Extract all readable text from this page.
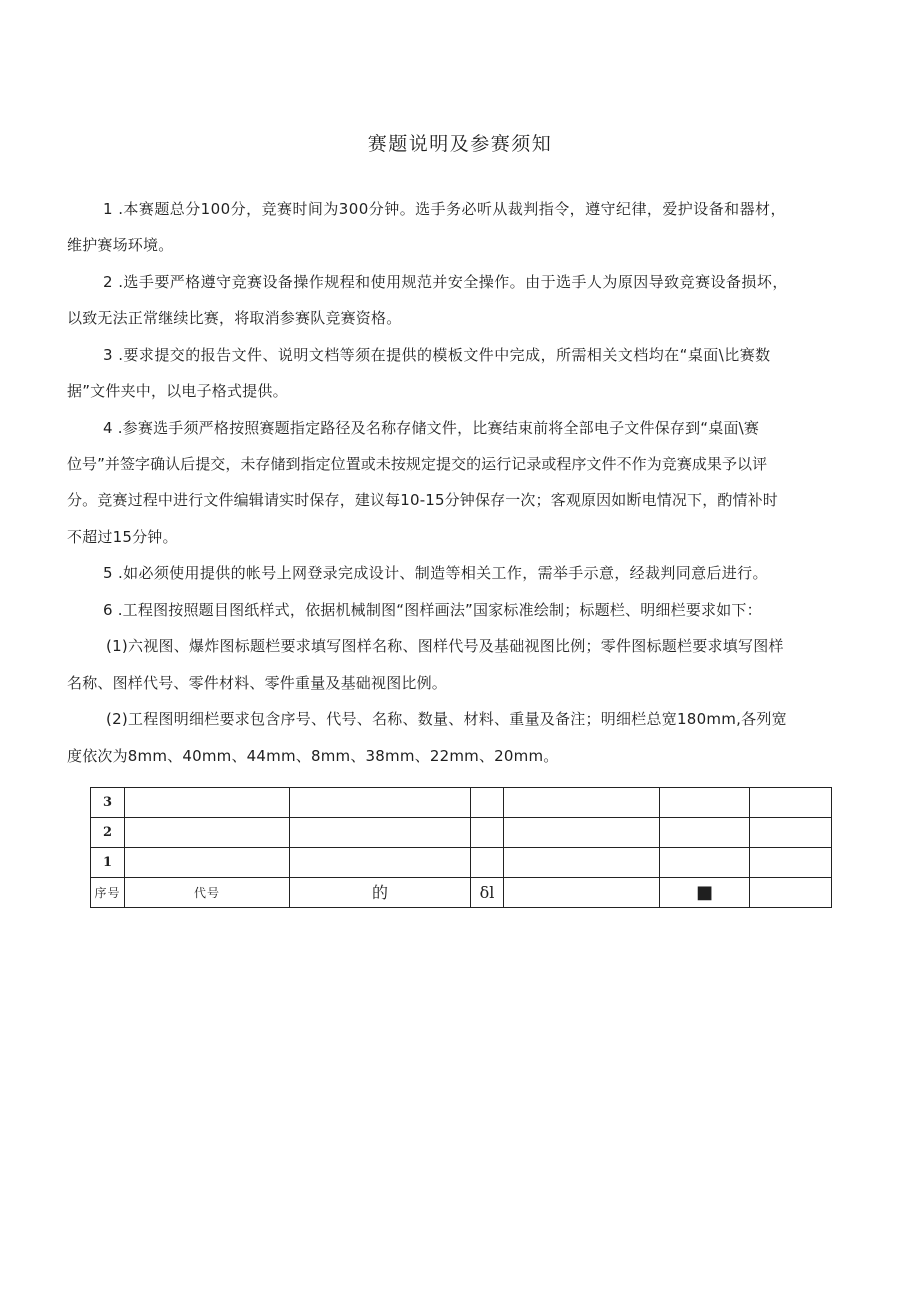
赛题说明及参赛须知
1 .本赛题总分100分，竞赛时间为300分钟。选手务必听从裁判指令，遵守纪律，爱护设备和器材，
维护赛场环境。
2 .选手要严格遵守竞赛设备操作规程和使用规范并安全操作。由于选手人为原因导致竞赛设备损坏，
以致无法正常继续比赛，将取消参赛队竞赛资格。
3 .要求提交的报告文件、说明文档等须在提供的模板文件中完成，所需相关文档均在“桌面\比赛数
据”文件夹中，以电子格式提供。
4 .参赛选手须严格按照赛题指定路径及名称存储文件，比赛结束前将全部电子文件保存到“桌面\赛
位号”并签字确认后提交，未存储到指定位置或未按规定提交的运行记录或程序文件不作为竞赛成果予以评
分。竞赛过程中进行文件编辑请实时保存，建议每10-15分钟保存一次；客观原因如断电情况下，酌情补时
不超过15分钟。
5 .如必须使用提供的帐号上网登录完成设计、制造等相关工作，需举手示意，经裁判同意后进行。
6 .工程图按照题目图纸样式，依据机械制图“图样画法”国家标准绘制；标题栏、明细栏要求如下：
(1)六视图、爆炸图标题栏要求填写图样名称、图样代号及基础视图比例；零件图标题栏要求填写图样
名称、图样代号、零件材料、零件重量及基础视图比例。
(2)工程图明细栏要求包含序号、代号、名称、数量、材料、重量及备注；明细栏总宽180mm,各列宽
度依次为8mm、40mm、44mm、8mm、38mm、22mm、20mm。
3						
2						
1						
序号	代号	的	δl		■	
